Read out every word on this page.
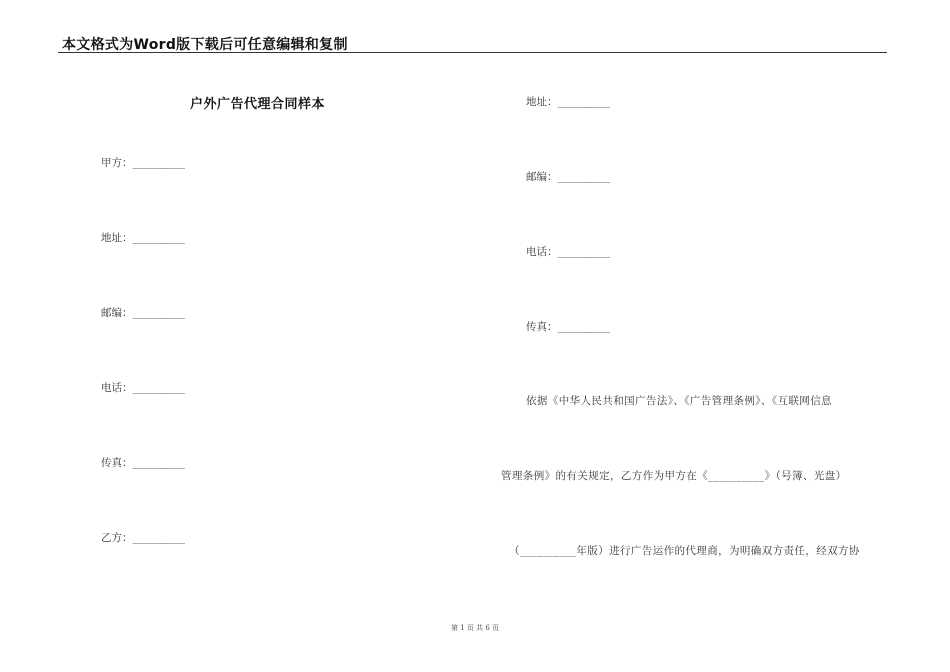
本文格式为Word版下载后可任意编辑和复制
户外广告代理合同样本
甲方：__________
地址：__________
邮编：__________
电话：__________
传真：__________
乙方：__________
地址：__________
邮编：__________
电话：__________
传真：__________
依据《中华人民共和国广告法》、《广告管理条例》、《互联网信息
管理条例》的有关规定，乙方作为甲方在《__________》（号簿、光盘）
（__________年版）进行广告运作的代理商，为明确双方责任，经双方协
第 1 页 共 6 页
